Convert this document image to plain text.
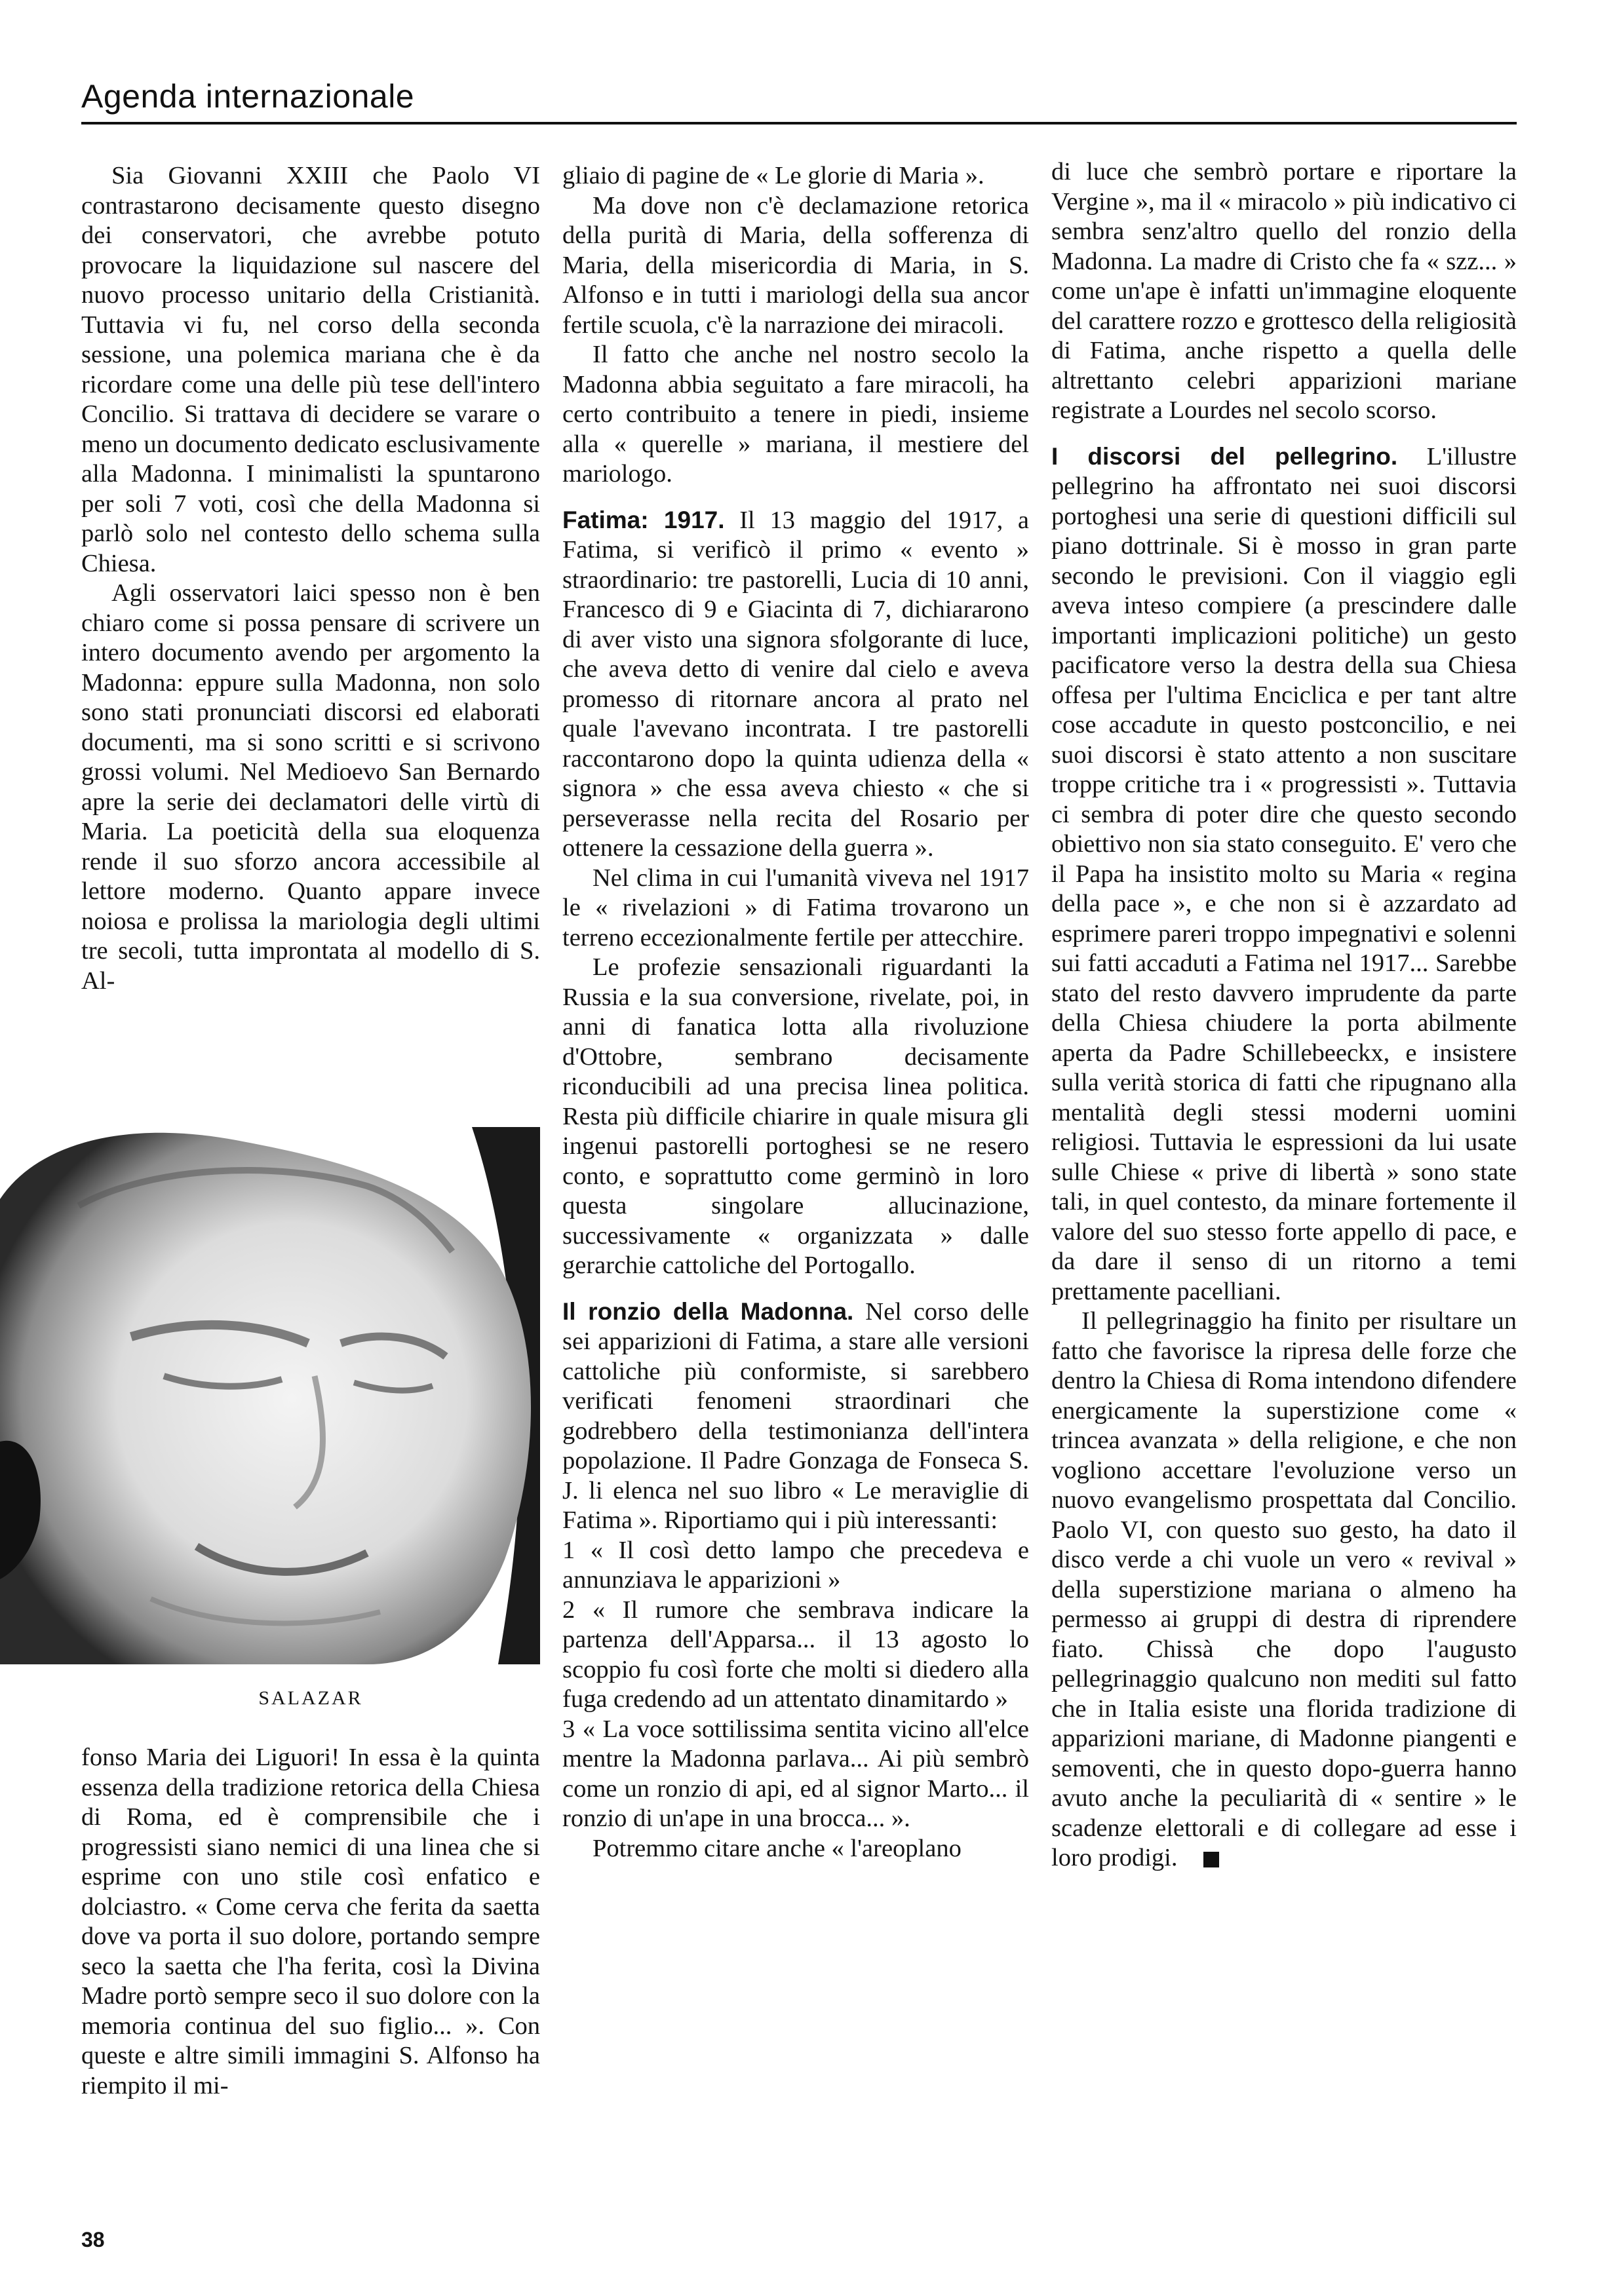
Agenda internazionale

Sia Giovanni XXIII che Paolo VI contrastarono decisamente questo disegno dei conservatori, che avrebbe potuto provocare la liquidazione sul nascere del nuovo processo unitario della Cristianità. Tuttavia vi fu, nel corso della seconda sessione, una polemica mariana che è da ricordare come una delle più tese dell'intero Concilio. Si trattava di decidere se varare o meno un documento dedicato esclusivamente alla Madonna. I minimalisti la spuntarono per soli 7 voti, così che della Madonna si parlò solo nel contesto dello schema sulla Chiesa.

Agli osservatori laici spesso non è ben chiaro come si possa pensare di scrivere un intero documento avendo per argomento la Madonna: eppure sulla Madonna, non solo sono stati pronunciati discorsi ed elaborati documenti, ma si sono scritti e si scrivono grossi volumi. Nel Medioevo San Bernardo apre la serie dei declamatori delle virtù di Maria. La poeticità della sua eloquenza rende il suo sforzo ancora accessibile al lettore moderno. Quanto appare invece noiosa e prolissa la mariologia degli ultimi tre secoli, tutta improntata al modello di S. Al-

SALAZAR

fonso Maria dei Liguori! In essa è la quinta essenza della tradizione retorica della Chiesa di Roma, ed è comprensibile che i progressisti siano nemici di una linea che si esprime con uno stile così enfatico e dolciastro. « Come cerva che ferita da saetta dove va porta il suo dolore, portando sempre seco la saetta che l'ha ferita, così la Divina Madre portò sempre seco il suo dolore con la memoria continua del suo figlio... ». Con queste e altre simili immagini S. Alfonso ha riempito il mi-

gliaio di pagine de « Le glorie di Maria ».

Ma dove non c'è declamazione retorica della purità di Maria, della sofferenza di Maria, della misericordia di Maria, in S. Alfonso e in tutti i mariologi della sua ancor fertile scuola, c'è la narrazione dei miracoli.

Il fatto che anche nel nostro secolo la Madonna abbia seguitato a fare miracoli, ha certo contribuito a tenere in piedi, insieme alla « querelle » mariana, il mestiere del mariologo.

Fatima: 1917. Il 13 maggio del 1917, a Fatima, si verificò il primo « evento » straordinario: tre pastorelli, Lucia di 10 anni, Francesco di 9 e Giacinta di 7, dichiararono di aver visto una signora sfolgorante di luce, che aveva detto di venire dal cielo e aveva promesso di ritornare ancora al prato nel quale l'avevano incontrata. I tre pastorelli raccontarono dopo la quinta udienza della « signora » che essa aveva chiesto « che si perseverasse nella recita del Rosario per ottenere la cessazione della guerra ».

Nel clima in cui l'umanità viveva nel 1917 le « rivelazioni » di Fatima trovarono un terreno eccezionalmente fertile per attecchire.

Le profezie sensazionali riguardanti la Russia e la sua conversione, rivelate, poi, in anni di fanatica lotta alla rivoluzione d'Ottobre, sembrano decisamente riconducibili ad una precisa linea politica. Resta più difficile chiarire in quale misura gli ingenui pastorelli portoghesi se ne resero conto, e soprattutto come germinò in loro questa singolare allucinazione, successivamente « organizzata » dalle gerarchie cattoliche del Portogallo.

Il ronzio della Madonna. Nel corso delle sei apparizioni di Fatima, a stare alle versioni cattoliche più conformiste, si sarebbero verificati fenomeni straordinari che godrebbero della testimonianza dell'intera popolazione. Il Padre Gonzaga de Fonseca S. J. li elenca nel suo libro « Le meraviglie di Fatima ». Riportiamo qui i più interessanti:

1 « Il così detto lampo che precedeva e annunziava le apparizioni »

2 « Il rumore che sembrava indicare la partenza dell'Apparsa... il 13 agosto lo scoppio fu così forte che molti si diedero alla fuga credendo ad un attentato dinamitardo »

3 « La voce sottilissima sentita vicino all'elce mentre la Madonna parlava... Ai più sembrò come un ronzio di api, ed al signor Marto... il ronzio di un'ape in una brocca... ».

Potremmo citare anche « l'areoplano

di luce che sembrò portare e riportare la Vergine », ma il « miracolo » più indicativo ci sembra senz'altro quello del ronzio della Madonna. La madre di Cristo che fa « szz... » come un'ape è infatti un'immagine eloquente del carattere rozzo e grottesco della religiosità di Fatima, anche rispetto a quella delle altrettanto celebri apparizioni mariane registrate a Lourdes nel secolo scorso.

I discorsi del pellegrino. L'illustre pellegrino ha affrontato nei suoi discorsi portoghesi una serie di questioni difficili sul piano dottrinale. Si è mosso in gran parte secondo le previsioni. Con il viaggio egli aveva inteso compiere (a prescindere dalle importanti implicazioni politiche) un gesto pacificatore verso la destra della sua Chiesa offesa per l'ultima Enciclica e per tant altre cose accadute in questo postconcilio, e nei suoi discorsi è stato attento a non suscitare troppe critiche tra i « progressisti ». Tuttavia ci sembra di poter dire che questo secondo obiettivo non sia stato conseguito. E' vero che il Papa ha insistito molto su Maria « regina della pace », e che non si è azzardato ad esprimere pareri troppo impegnativi e solenni sui fatti accaduti a Fatima nel 1917... Sarebbe stato del resto davvero imprudente da parte della Chiesa chiudere la porta abilmente aperta da Padre Schillebeeckx, e insistere sulla verità storica di fatti che ripugnano alla mentalità degli stessi moderni uomini religiosi. Tuttavia le espressioni da lui usate sulle Chiese « prive di libertà » sono state tali, in quel contesto, da minare fortemente il valore del suo stesso forte appello di pace, e da dare il senso di un ritorno a temi prettamente pacelliani.

Il pellegrinaggio ha finito per risultare un fatto che favorisce la ripresa delle forze che dentro la Chiesa di Roma intendono difendere energicamente la superstizione come « trincea avanzata » della religione, e che non vogliono accettare l'evoluzione verso un nuovo evangelismo prospettata dal Concilio. Paolo VI, con questo suo gesto, ha dato il disco verde a chi vuole un vero « revival » della superstizione mariana o almeno ha permesso ai gruppi di destra di riprendere fiato. Chissà che dopo l'augusto pellegrinaggio qualcuno non mediti sul fatto che in Italia esiste una florida tradizione di apparizioni mariane, di Madonne piangenti e semoventi, che in questo dopo-guerra hanno avuto anche la peculiarità di « sentire » le scadenze elettorali e di collegare ad esse i loro prodigi.

38
